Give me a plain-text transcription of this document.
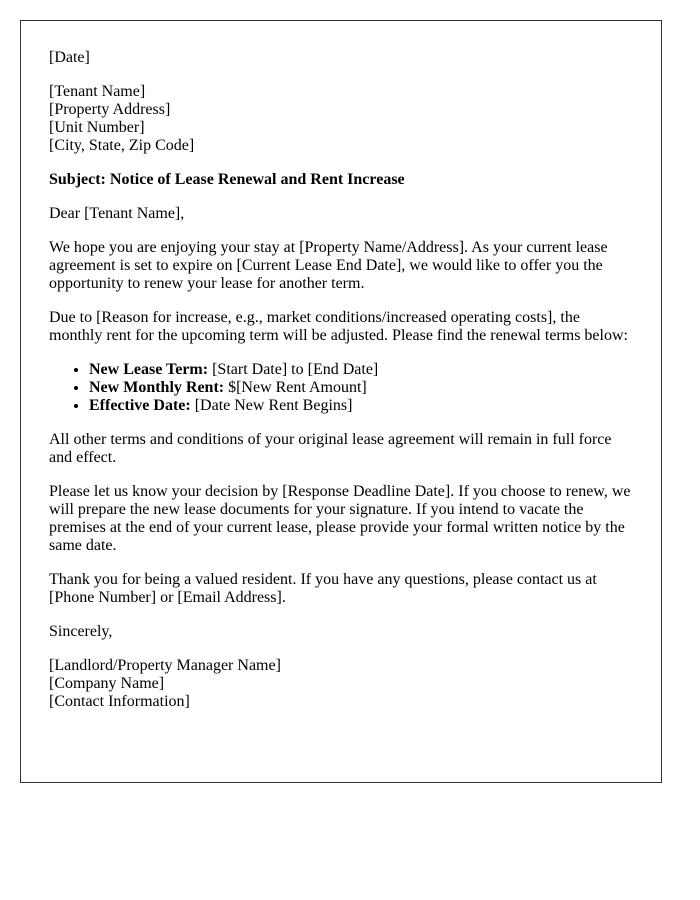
[Date]

[Tenant Name]
[Property Address]
[Unit Number]
[City, State, Zip Code]

Subject: Notice of Lease Renewal and Rent Increase

Dear [Tenant Name],

We hope you are enjoying your stay at [Property Name/Address]. As your current lease agreement is set to expire on [Current Lease End Date], we would like to offer you the opportunity to renew your lease for another term.

Due to [Reason for increase, e.g., market conditions/increased operating costs], the monthly rent for the upcoming term will be adjusted. Please find the renewal terms below:

• New Lease Term: [Start Date] to [End Date]
• New Monthly Rent: $[New Rent Amount]
• Effective Date: [Date New Rent Begins]

All other terms and conditions of your original lease agreement will remain in full force and effect.

Please let us know your decision by [Response Deadline Date]. If you choose to renew, we will prepare the new lease documents for your signature. If you intend to vacate the premises at the end of your current lease, please provide your formal written notice by the same date.

Thank you for being a valued resident. If you have any questions, please contact us at [Phone Number] or [Email Address].

Sincerely,

[Landlord/Property Manager Name]
[Company Name]
[Contact Information]
